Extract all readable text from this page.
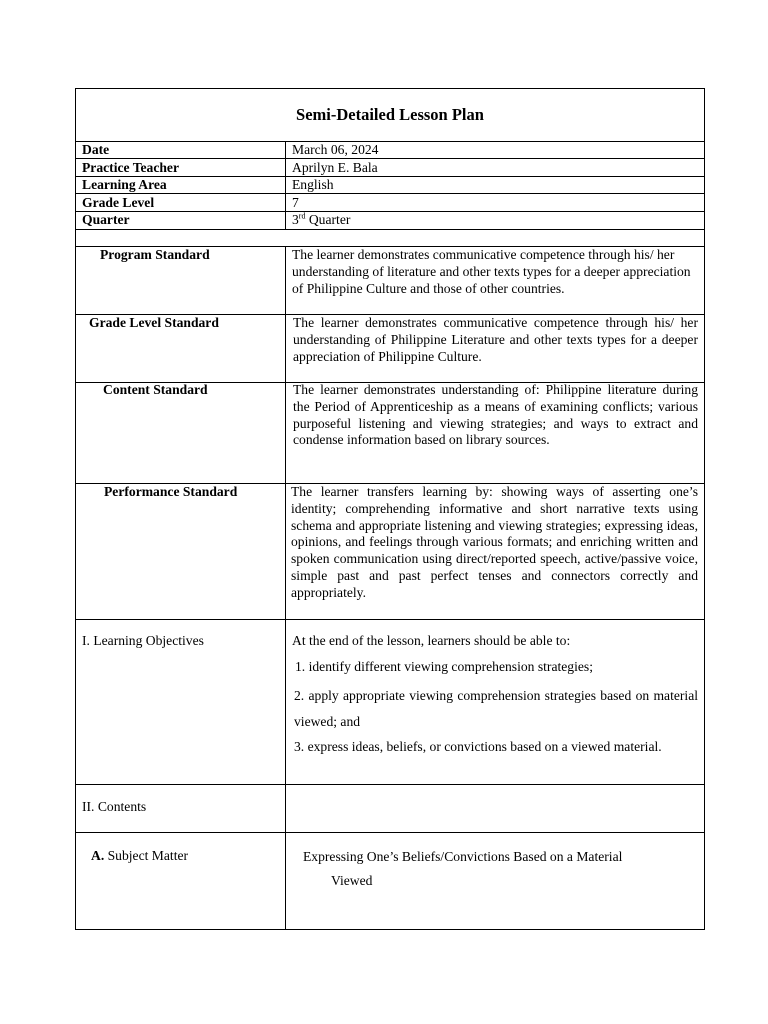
Semi-Detailed Lesson Plan
Date	March 06, 2024
Practice Teacher	Aprilyn E. Bala
Learning Area	English
Grade Level	7
Quarter	3rd Quarter
Program Standard	The learner demonstrates communicative competence through his/ her understanding of literature and other texts types for a deeper appreciation of Philippine Culture and those of other countries.
Grade Level Standard	The learner demonstrates communicative competence through his/ her understanding of Philippine Literature and other texts types for a deeper appreciation of Philippine Culture.
Content Standard	The learner demonstrates understanding of: Philippine literature during the Period of Apprenticeship as a means of examining conflicts; various purposeful listening and viewing strategies; and ways to extract and condense information based on library sources.
Performance Standard	The learner transfers learning by: showing ways of asserting one’s identity; comprehending informative and short narrative texts using schema and appropriate listening and viewing strategies; expressing ideas, opinions, and feelings through various formats; and enriching written and spoken communication using direct/reported speech, active/passive voice, simple past and past perfect tenses and connectors correctly and appropriately.
I. Learning Objectives	At the end of the lesson, learners should be able to:
1. identify different viewing comprehension strategies;
2. apply appropriate viewing comprehension strategies based on material viewed; and
3. express ideas, beliefs, or convictions based on a viewed material.
II. Contents
A. Subject Matter	Expressing One’s Beliefs/Convictions Based on a Material
Viewed
